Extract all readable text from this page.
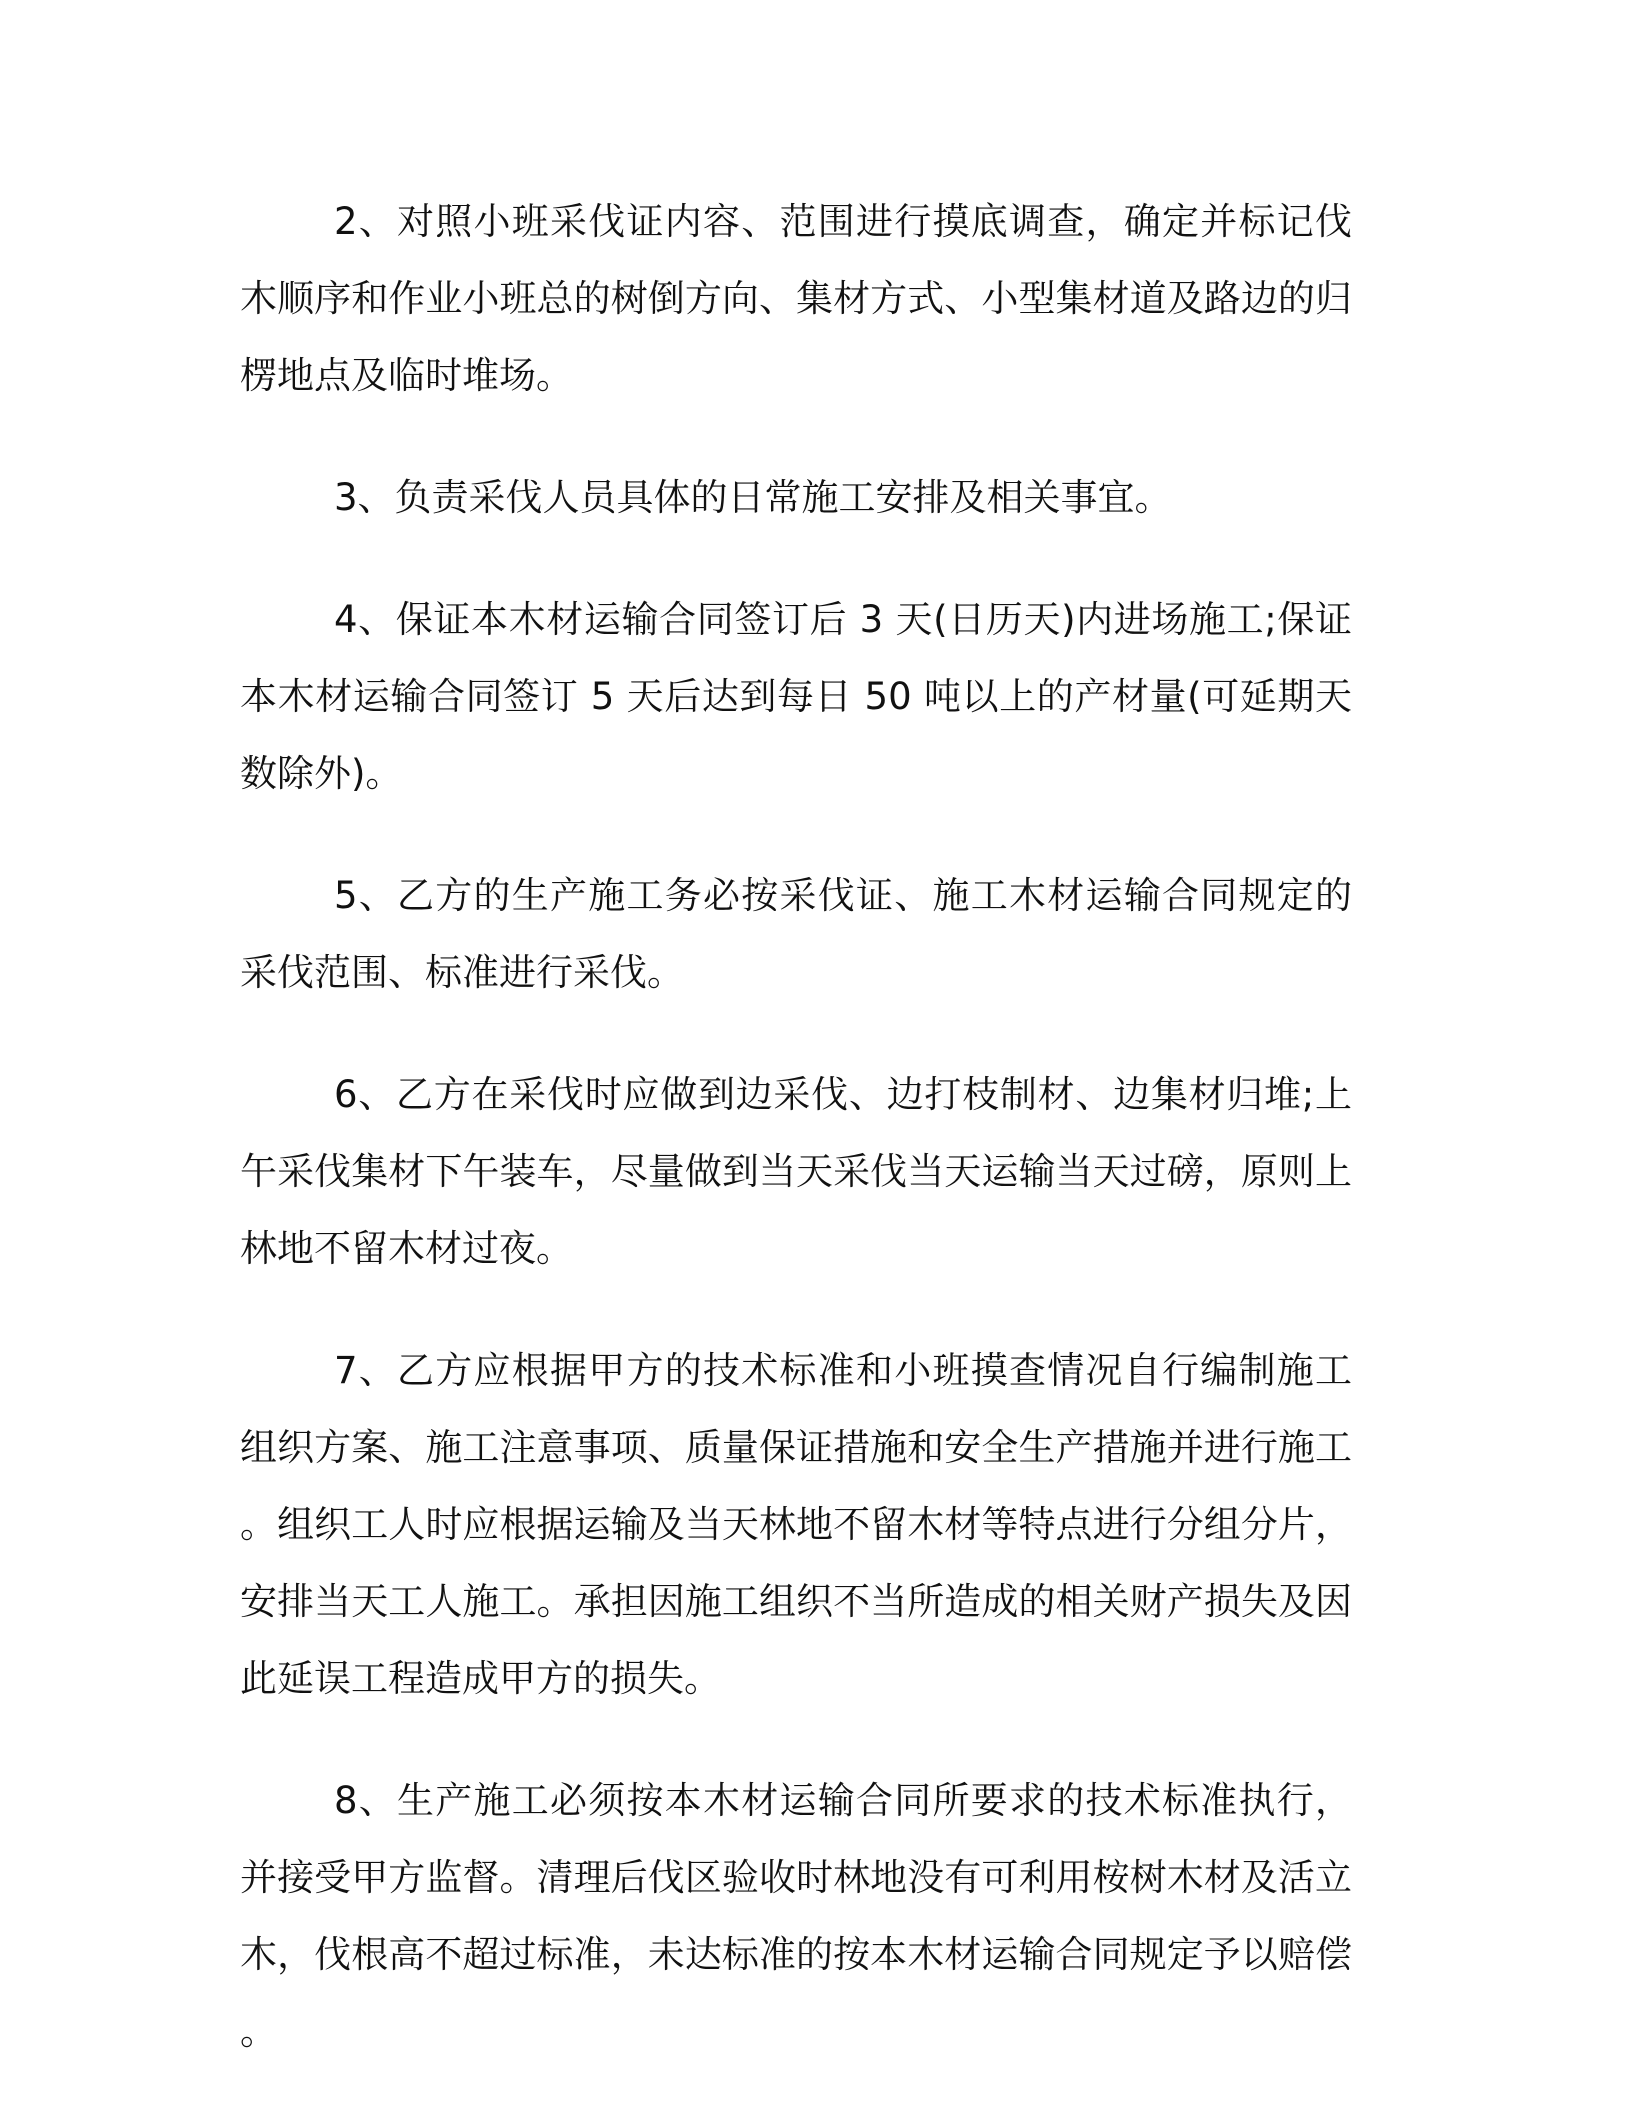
2、对照小班采伐证内容、范围进行摸底调查，确定并标记伐木顺序和作业小班总的树倒方向、集材方式、小型集材道及路边的归楞地点及临时堆场。

3、负责采伐人员具体的日常施工安排及相关事宜。

4、保证本木材运输合同签订后 3 天(日历天)内进场施工;保证本木材运输合同签订 5 天后达到每日 50 吨以上的产材量(可延期天数除外)。

5、乙方的生产施工务必按采伐证、施工木材运输合同规定的采伐范围、标准进行采伐。

6、乙方在采伐时应做到边采伐、边打枝制材、边集材归堆;上午采伐集材下午装车，尽量做到当天采伐当天运输当天过磅，原则上林地不留木材过夜。

7、乙方应根据甲方的技术标准和小班摸查情况自行编制施工组织方案、施工注意事项、质量保证措施和安全生产措施并进行施工。组织工人时应根据运输及当天林地不留木材等特点进行分组分片，安排当天工人施工。承担因施工组织不当所造成的相关财产损失及因此延误工程造成甲方的损失。

8、生产施工必须按本木材运输合同所要求的技术标准执行，并接受甲方监督。清理后伐区验收时林地没有可利用桉树木材及活立木，伐根高不超过标准，未达标准的按本木材运输合同规定予以赔偿。
